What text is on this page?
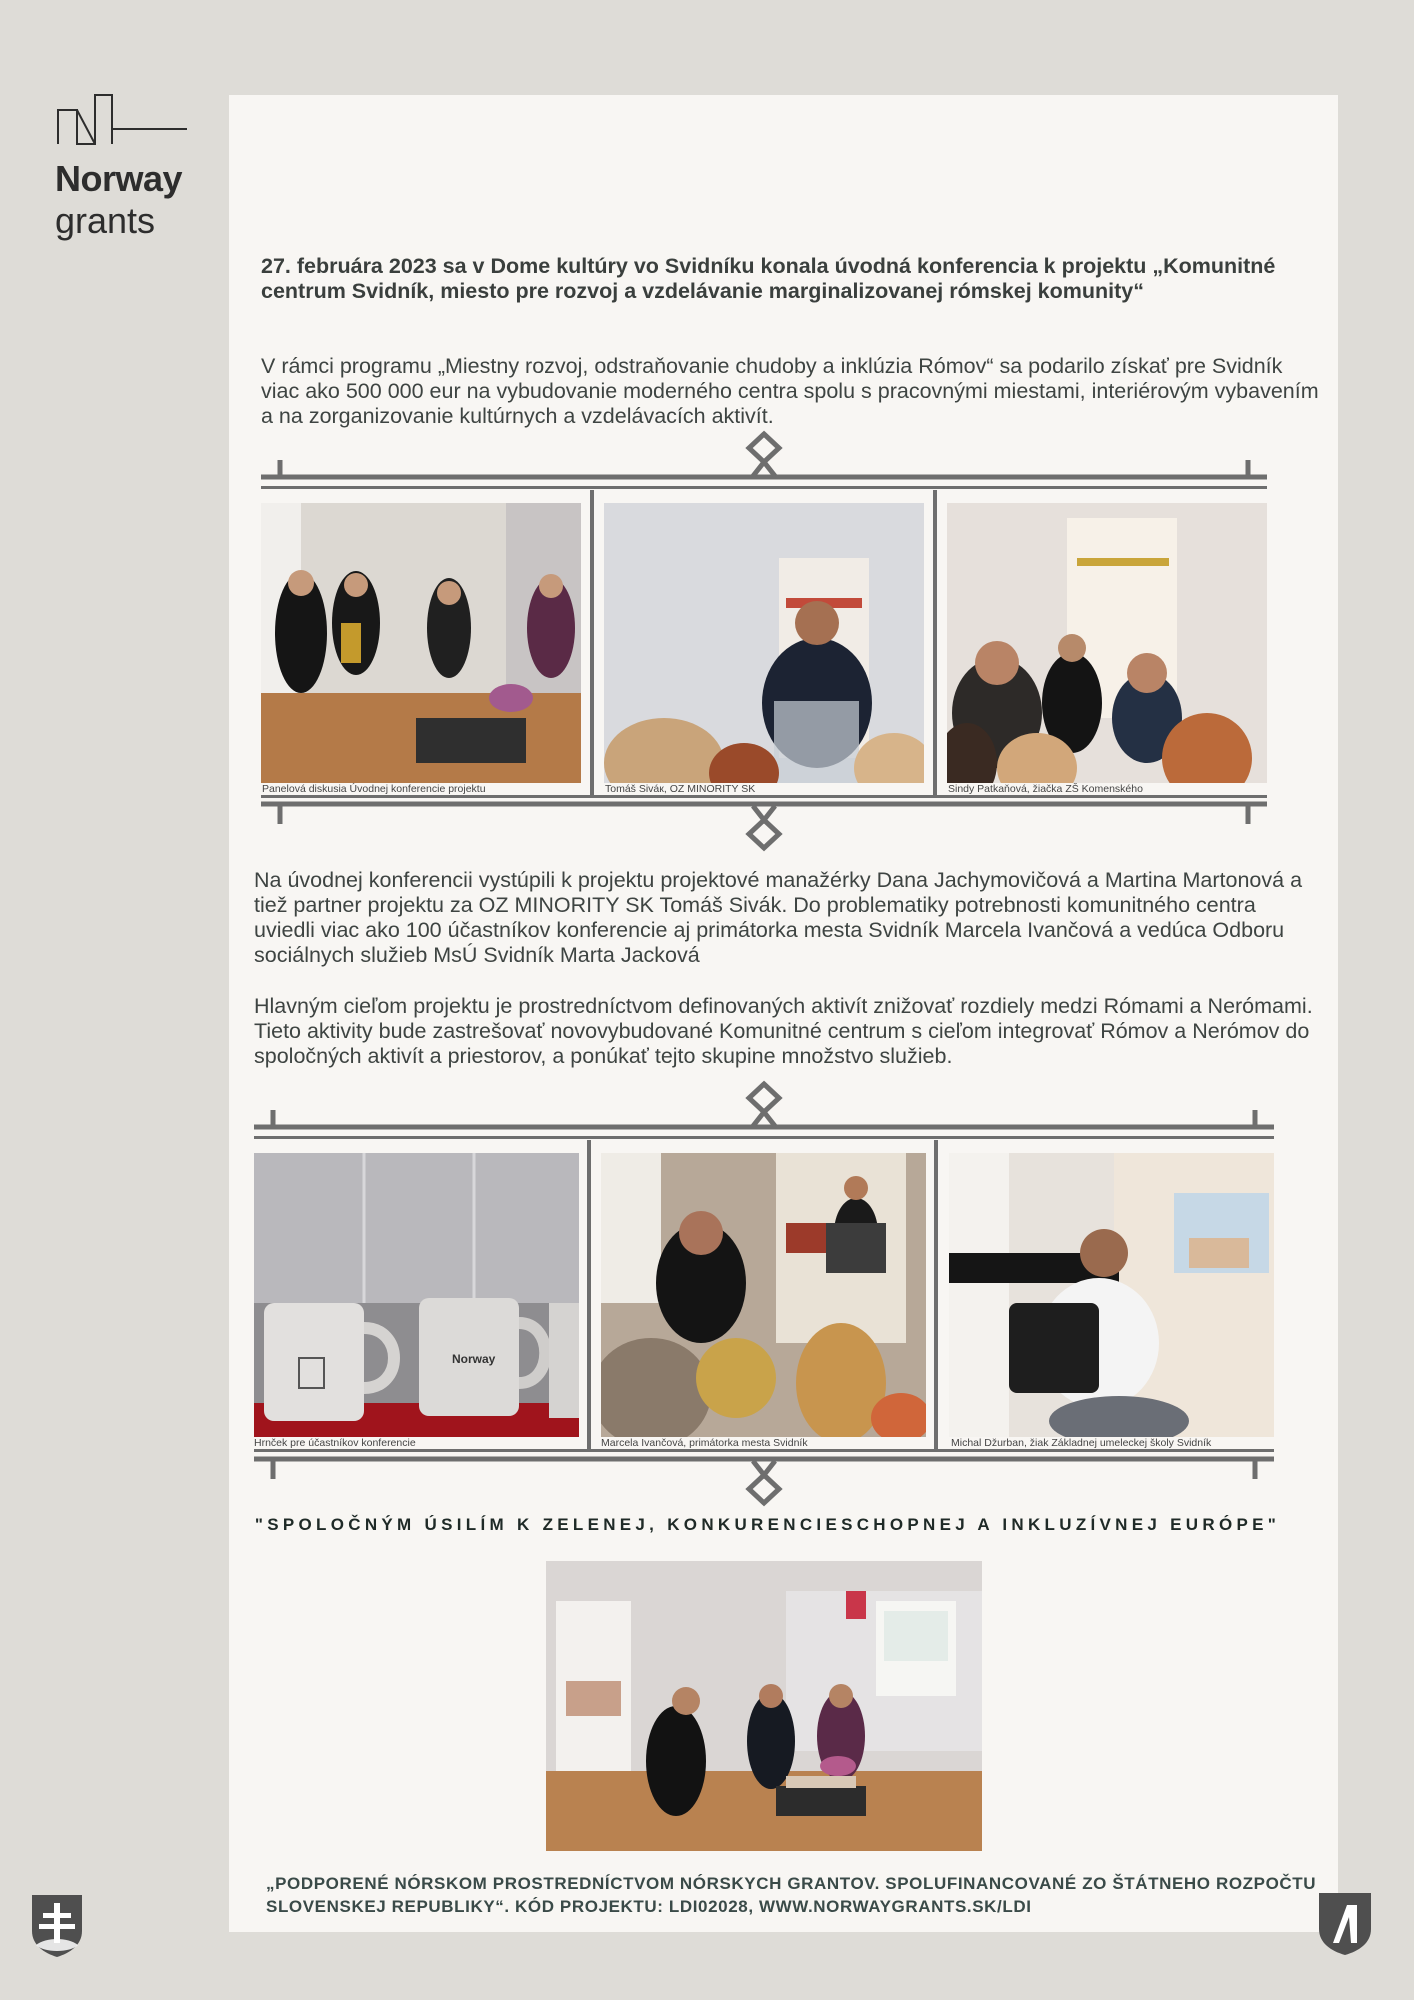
Norway
grants
27. februára 2023 sa v Dome kultúry vo Svidníku konala úvodná konferencia k projektu „Komunitné centrum Svidník, miesto pre rozvoj a vzdelávanie marginalizovanej rómskej komunity“
V rámci programu „Miestny rozvoj, odstraňovanie chudoby a inklúzia Rómov“ sa podarilo získať pre Svidník viac ako 500 000 eur na vybudovanie moderného centra spolu s pracovnými miestami, interiérovým vybavením a na zorganizovanie kultúrnych a vzdelávacích aktivít.
Panelová diskusia Úvodnej konferencie projektu	Tomáš Siváк, OZ MINORITY SK	Sindy Patkaňová, žiačka ZŠ Komenského
Na úvodnej konferencii vystúpili k projektu projektové manažérky Dana Jachymovičová a Martina Martonová a tiež partner projektu za OZ MINORITY SK Tomáš Sivák. Do problematiky potrebnosti komunitného centra uviedli viac ako 100 účastníkov konferencie aj primátorka mesta Svidník Marcela Ivančová a vedúca Odboru sociálnych služieb MsÚ Svidník Marta Jacková
Hlavným cieľom projektu je prostredníctvom definovaných aktivít znižovať rozdiely medzi Rómami a Nerómami. Tieto aktivity bude zastrešovať novovybudované Komunitné centrum s cieľom integrovať Rómov a Nerómov do spoločných aktivít a priestorov, a ponúkať tejto skupine množstvo služieb.
Norway
Hrnček pre účastníkov konferencie	Marcela Ivančová, primátorka mesta Svidník	Michal Džurban, žiak Základnej umeleckej školy Svidník
"SPOLOČNÝM ÚSILÍM K ZELENEJ, KONKURENCIESCHOPNEJ A INKLUZÍVNEJ EURÓPE"
„PODPORENÉ NÓRSKOM PROSTREDNÍCTVOM NÓRSKYCH GRANTOV. SPOLUFINANCOVANÉ ZO ŠTÁTNEHO ROZPOČTU SLOVENSKEJ REPUBLIKY“. KÓD PROJEKTU: LDI02028, WWW.NORWAYGRANTS.SK/LDI
